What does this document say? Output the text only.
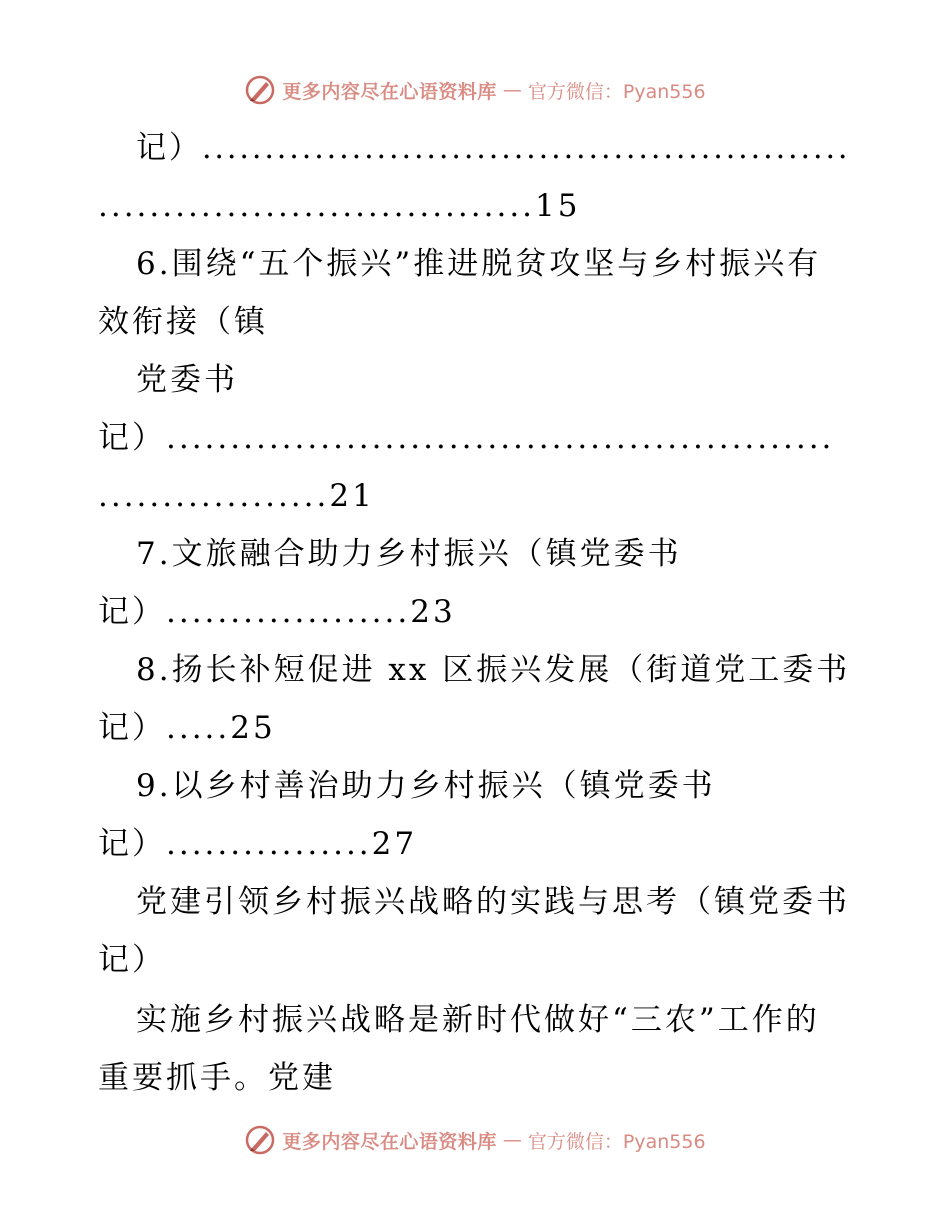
更多内容尽在心语资料库 — 官方微信：Pyan556
记）....................................................
..................................15
6.围绕“五个振兴”推进脱贫攻坚与乡村振兴有
效衔接（镇
党委书
记）....................................................
..................21
7.文旅融合助力乡村振兴（镇党委书
记）...................23
8.扬长补短促进 xx 区振兴发展（街道党工委书
记）.....25
9.以乡村善治助力乡村振兴（镇党委书
记）................27
党建引领乡村振兴战略的实践与思考（镇党委书
记）
实施乡村振兴战略是新时代做好“三农”工作的
重要抓手。党建
更多内容尽在心语资料库 — 官方微信：Pyan556
